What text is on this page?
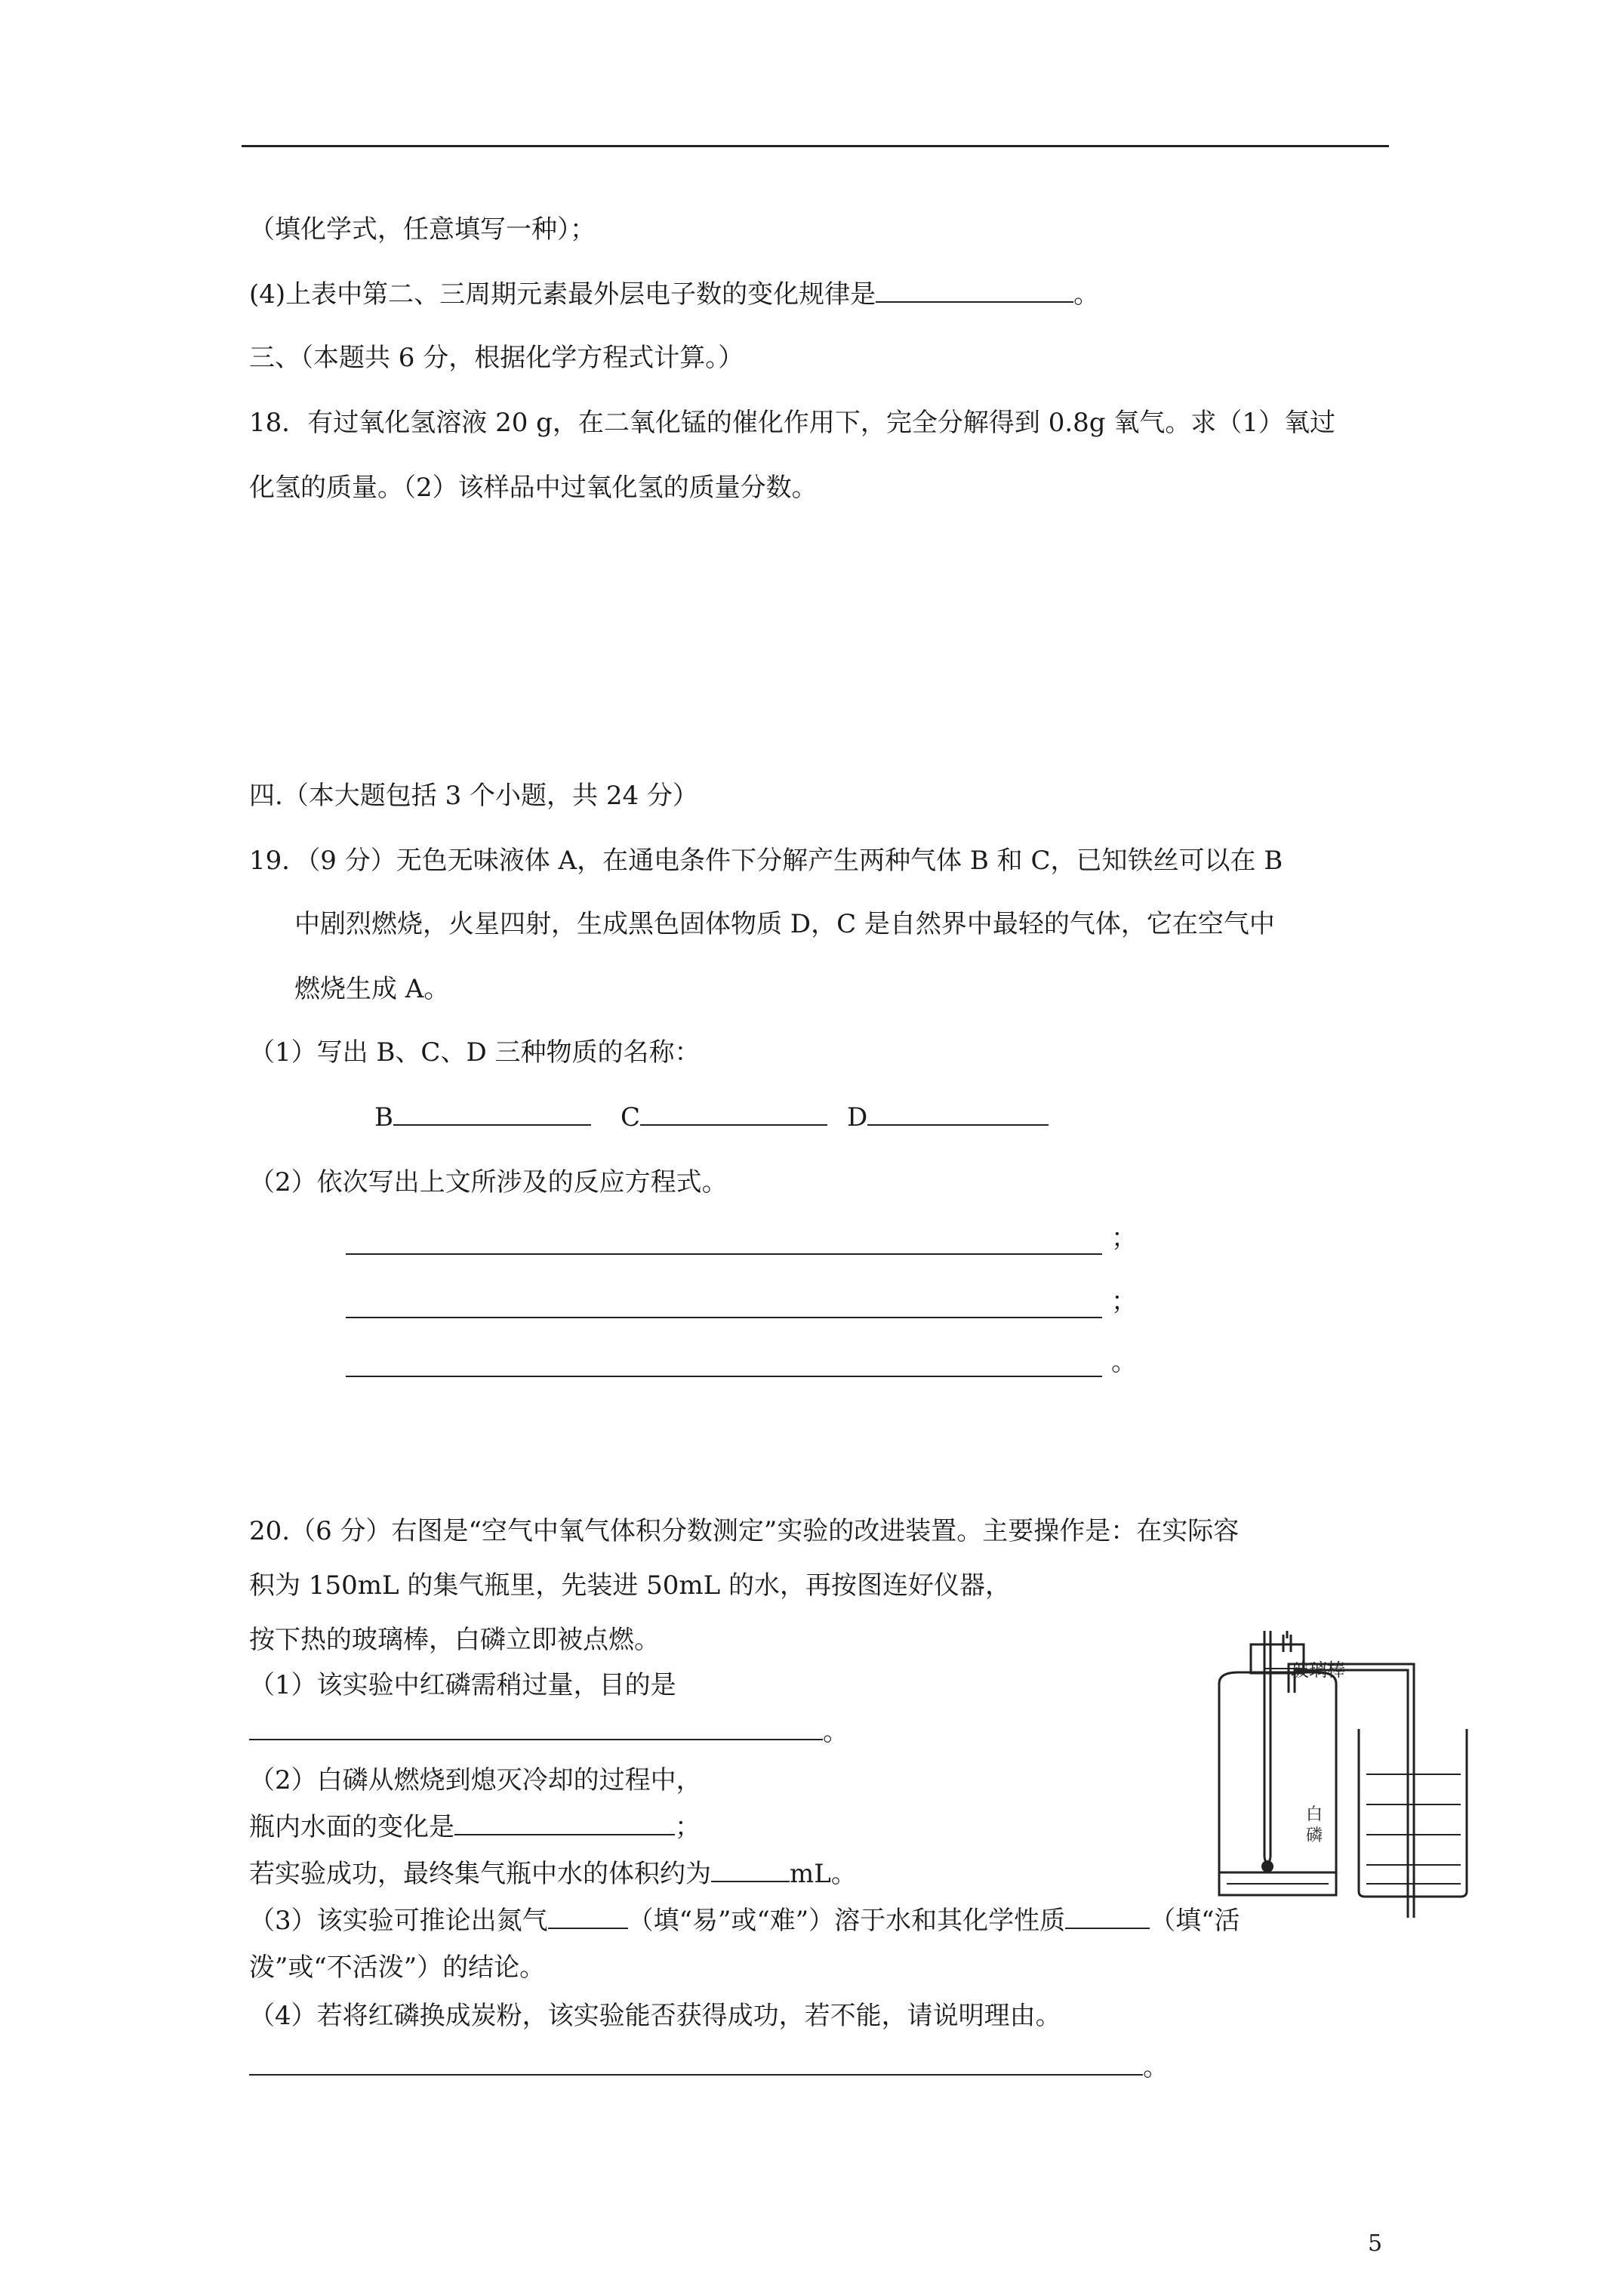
（填化学式，任意填写一种）；
(4)上表中第二、三周期元素最外层电子数的变化规律是	。
三、（本题共 6 分，根据化学方程式计算。）
18．有过氧化氢溶液 20 g，在二氧化锰的催化作用下，完全分解得到 0.8g 氧气。求（1）氧过
化氢的质量。（2）该样品中过氧化氢的质量分数。
四.（本大题包括 3 个小题，共 24 分）
19．（9 分）无色无味液体 A，在通电条件下分解产生两种气体 B 和 C，已知铁丝可以在 B
中剧烈燃烧，火星四射，生成黑色固体物质 D，C 是自然界中最轻的气体，它在空气中
燃烧生成 A。
（1）写出 B、C、D 三种物质的名称：
B	C	D
（2）依次写出上文所涉及的反应方程式。
；
；
。
20.（6 分）右图是“空气中氧气体积分数测定”实验的改进装置。主要操作是：在实际容
积为 150mL 的集气瓶里，先装进 50mL 的水，再按图连好仪器，
按下热的玻璃棒，白磷立即被点燃。
（1）该实验中红磷需稍过量，目的是
。
（2）白磷从燃烧到熄灭冷却的过程中，
瓶内水面的变化是	；
若实验成功，最终集气瓶中水的体积约为	mL。
（3）该实验可推论出氮气	（填“易”或“难”）溶于水和其化学性质	（填“活
泼”或“不活泼”）的结论。
（4）若将红磷换成炭粉，该实验能否获得成功，若不能，请说明理由。
。
玻璃棒
白
磷
5
